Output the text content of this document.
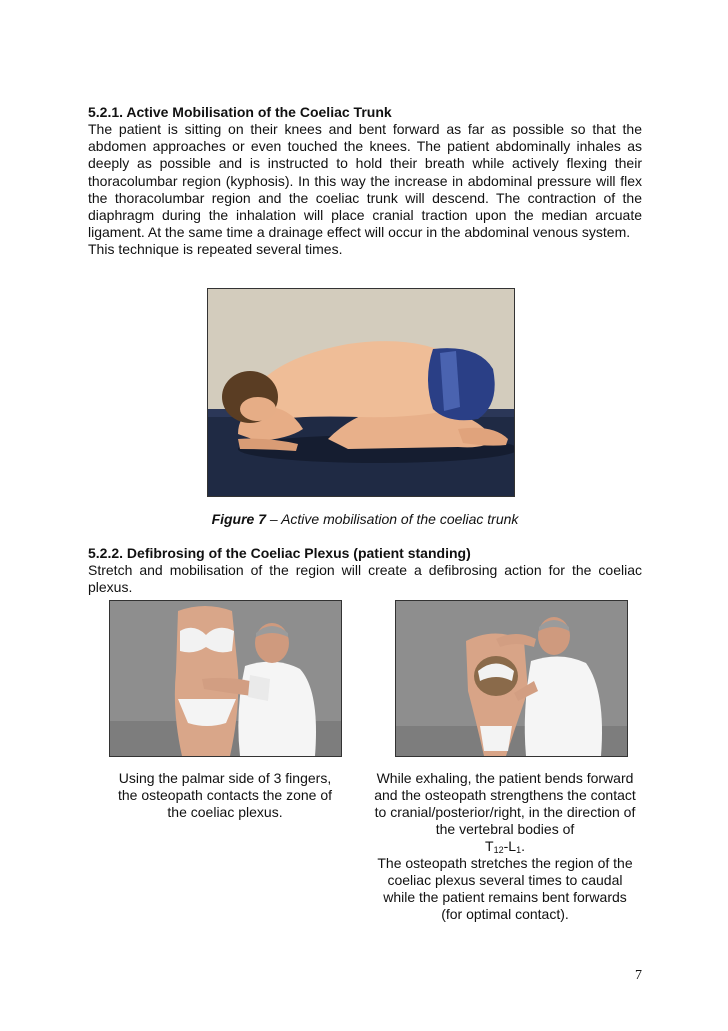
5.2.1. Active Mobilisation of the Coeliac Trunk
The patient is sitting on their knees and bent forward as far as possible so that the abdomen approaches or even touched the knees. The patient abdominally inhales as deeply as possible and is instructed to hold their breath while actively flexing their thoracolumbar region (kyphosis). In this way the increase in abdominal pressure will flex the thoracolumbar region and the coeliac trunk will descend. The contraction of the diaphragm during the inhalation will place cranial traction upon the median arcuate ligament. At the same time a drainage effect will occur in the abdominal venous system.
This technique is repeated several times.
Figure 7 – Active mobilisation of the coeliac trunk
5.2.2. Defibrosing of the Coeliac Plexus (patient standing)
Stretch and mobilisation of the region will create a defibrosing action for the coeliac plexus.
Using the palmar side of 3 fingers, the osteopath contacts the zone of the coeliac plexus.
While exhaling, the patient bends forward and the osteopath strengthens the contact to cranial/posterior/right, in the direction of the vertebral bodies of
$T_{12}-L_1$.
The osteopath stretches the region of the coeliac plexus several times to caudal while the patient remains bent forwards (for optimal contact).
7
